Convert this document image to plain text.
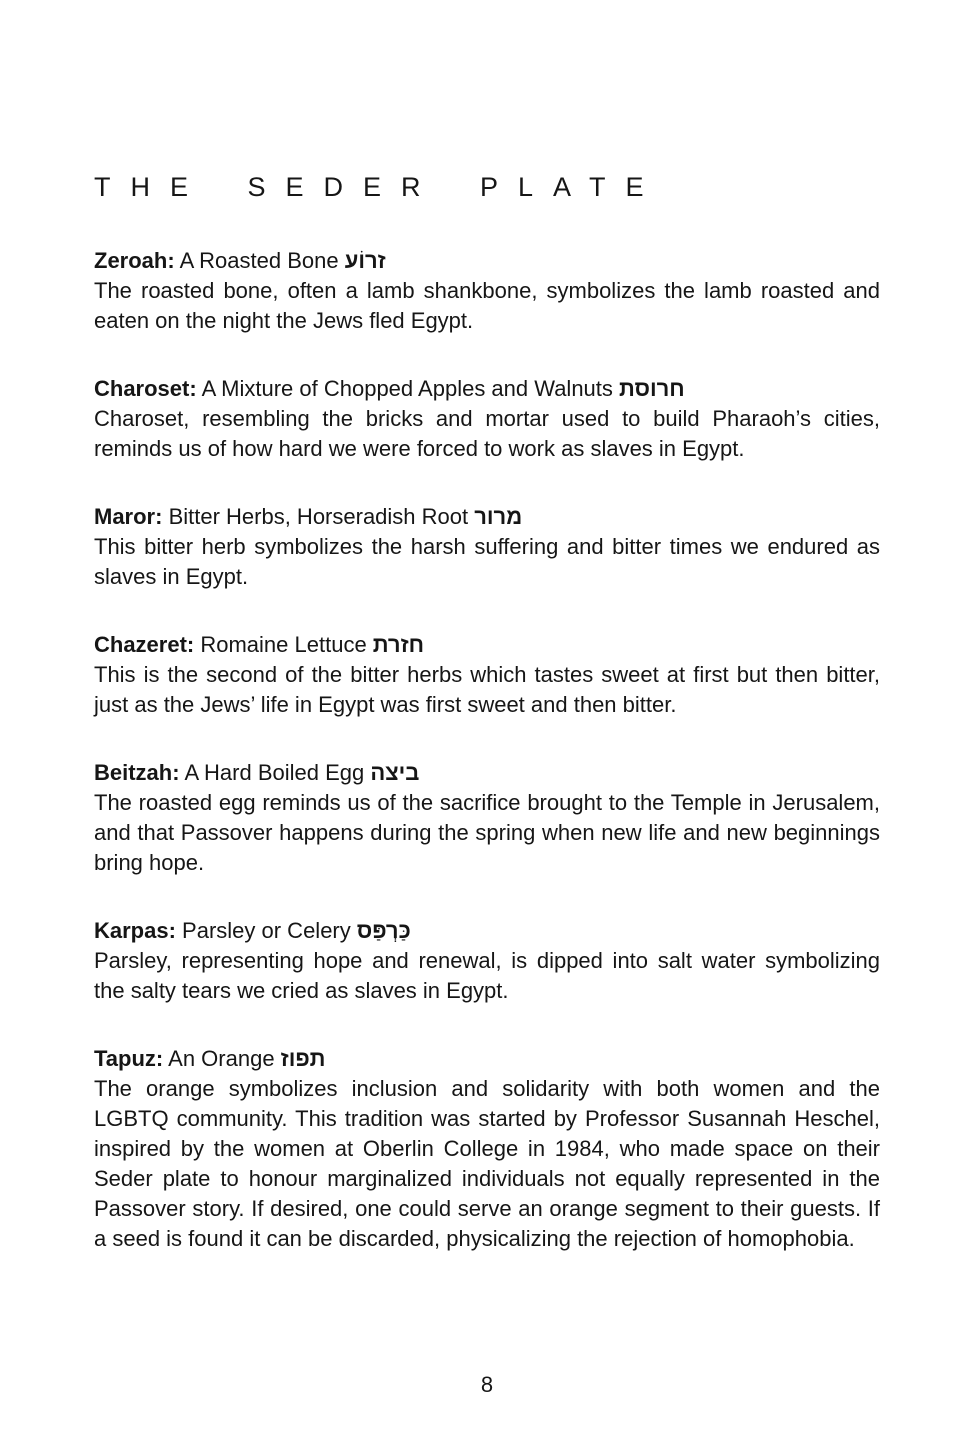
THE SEDER PLATE

Zeroah: A Roasted Bone זרוֹע

The roasted bone, often a lamb shankbone, symbolizes the lamb roasted and eaten on the night the Jews fled Egypt.

Charoset: A Mixture of Chopped Apples and Walnuts חרוסת

Charoset, resembling the bricks and mortar used to build Pharaoh’s cities, reminds us of how hard we were forced to work as slaves in Egypt.

Maror: Bitter Herbs, Horseradish Root מרור

This bitter herb symbolizes the harsh suffering and bitter times we endured as slaves in Egypt.

Chazeret: Romaine Lettuce חזרת

This is the second of the bitter herbs which tastes sweet at first but then bitter, just as the Jews’ life in Egypt was first sweet and then bitter.

Beitzah: A Hard Boiled Egg ביצה

The roasted egg reminds us of the sacrifice brought to the Temple in Jerusalem, and that Passover happens during the spring when new life and new beginnings bring hope.

Karpas: Parsley or Celery כַּרְפַּס

Parsley, representing hope and renewal, is dipped into salt water symbolizing the salty tears we cried as slaves in Egypt.

Tapuz: An Orange תפוז

The orange symbolizes inclusion and solidarity with both women and the LGBTQ community. This tradition was started by Professor Susannah Heschel, inspired by the women at Oberlin College in 1984, who made space on their Seder plate to honour marginalized individuals not equally represented in the Passover story. If desired, one could serve an orange segment to their guests. If a seed is found it can be discarded, physicalizing the rejection of homophobia.

8
